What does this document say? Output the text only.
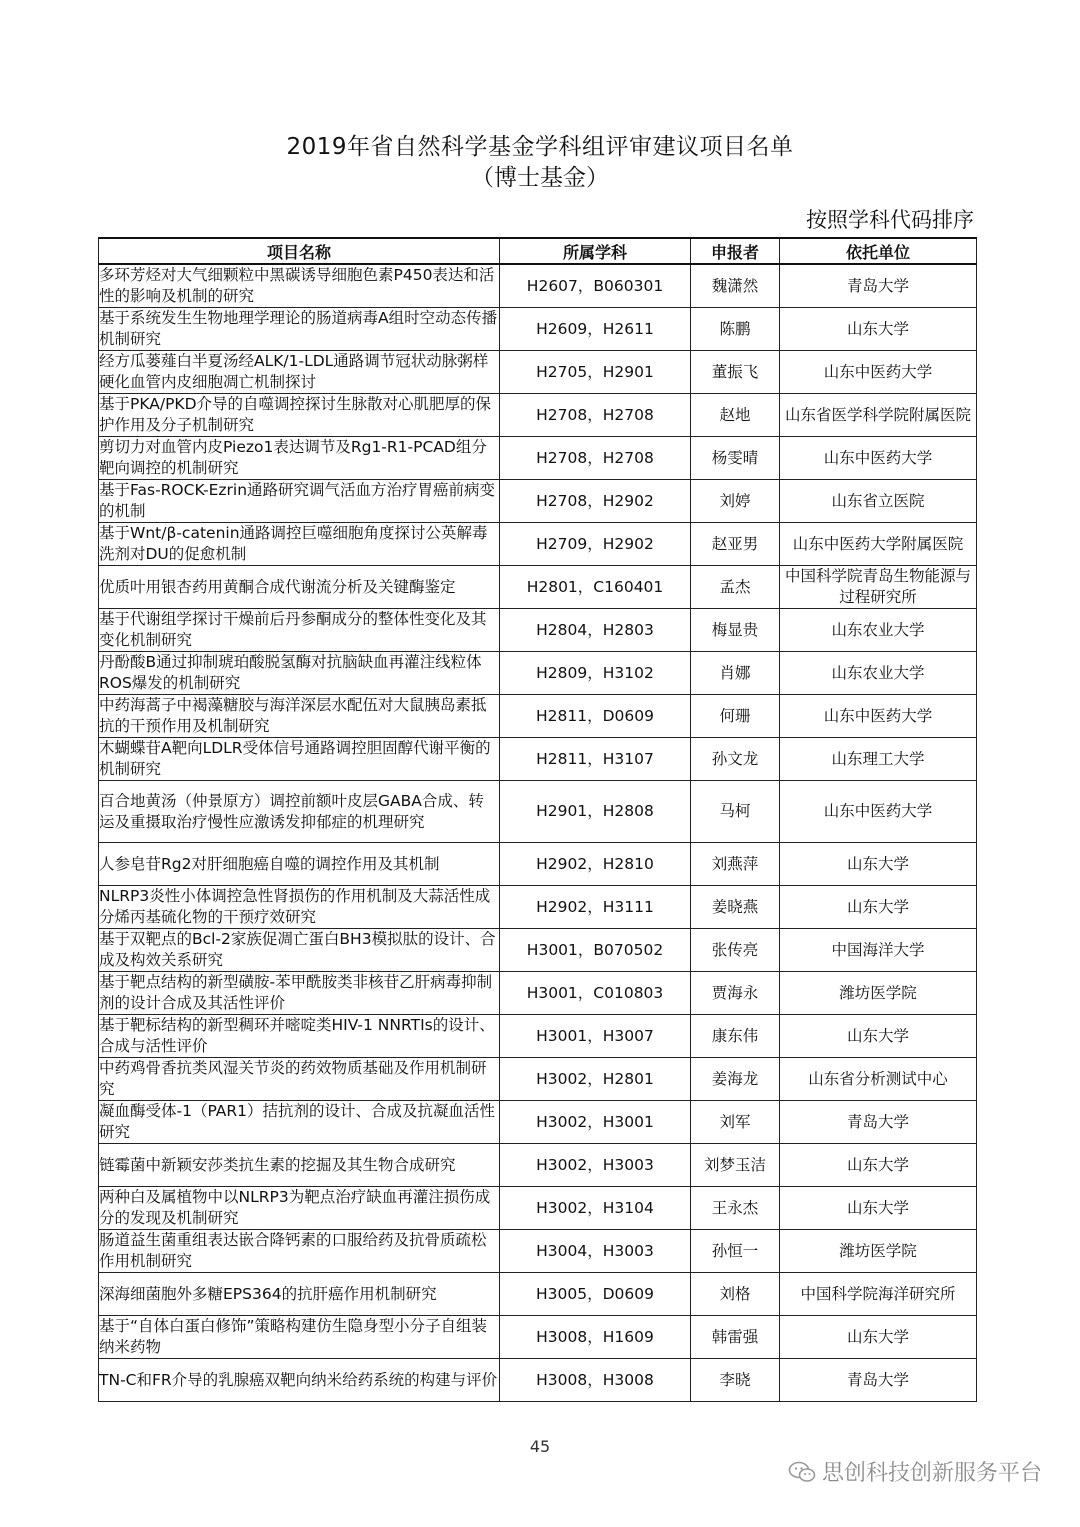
2019年省自然科学基金学科组评审建议项目名单
（博士基金）
按照学科代码排序
项目名称	所属学科	申报者	依托单位
多环芳烃对大气细颗粒中黑碳诱导细胞色素P450表达和活性的影响及机制的研究	H2607，B060301	魏潇然	青岛大学
基于系统发生生物地理学理论的肠道病毒A组时空动态传播机制研究	H2609，H2611	陈鹏	山东大学
经方瓜蒌薤白半夏汤经ALK/1-LDL通路调节冠状动脉粥样硬化血管内皮细胞凋亡机制探讨	H2705，H2901	董振飞	山东中医药大学
基于PKA/PKD介导的自噬调控探讨生脉散对心肌肥厚的保护作用及分子机制研究	H2708，H2708	赵地	山东省医学科学院附属医院
剪切力对血管内皮Piezo1表达调节及Rg1-R1-PCAD组分靶向调控的机制研究	H2708，H2708	杨雯晴	山东中医药大学
基于Fas-ROCK-Ezrin通路研究调气活血方治疗胃癌前病变的机制	H2708，H2902	刘婷	山东省立医院
基于Wnt/β-catenin通路调控巨噬细胞角度探讨公英解毒洗剂对DU的促愈机制	H2709，H2902	赵亚男	山东中医药大学附属医院
优质叶用银杏药用黄酮合成代谢流分析及关键酶鉴定	H2801，C160401	孟杰	中国科学院青岛生物能源与过程研究所
基于代谢组学探讨干燥前后丹参酮成分的整体性变化及其变化机制研究	H2804，H2803	梅显贵	山东农业大学
丹酚酸B通过抑制琥珀酸脱氢酶对抗脑缺血再灌注线粒体ROS爆发的机制研究	H2809，H3102	肖娜	山东农业大学
中药海蒿子中褐藻糖胶与海洋深层水配伍对大鼠胰岛素抵抗的干预作用及机制研究	H2811，D0609	何珊	山东中医药大学
木蝴蝶苷A靶向LDLR受体信号通路调控胆固醇代谢平衡的机制研究	H2811，H3107	孙文龙	山东理工大学
百合地黄汤（仲景原方）调控前额叶皮层GABA合成、转运及重摄取治疗慢性应激诱发抑郁症的机理研究	H2901，H2808	马柯	山东中医药大学
人参皂苷Rg2对肝细胞癌自噬的调控作用及其机制	H2902，H2810	刘燕萍	山东大学
NLRP3炎性小体调控急性肾损伤的作用机制及大蒜活性成分烯丙基硫化物的干预疗效研究	H2902，H3111	姜晓燕	山东大学
基于双靶点的Bcl-2家族促凋亡蛋白BH3模拟肽的设计、合成及构效关系研究	H3001，B070502	张传亮	中国海洋大学
基于靶点结构的新型磺胺-苯甲酰胺类非核苷乙肝病毒抑制剂的设计合成及其活性评价	H3001，C010803	贾海永	潍坊医学院
基于靶标结构的新型稠环并嘧啶类HIV-1 NNRTIs的设计、合成与活性评价	H3001，H3007	康东伟	山东大学
中药鸡骨香抗类风湿关节炎的药效物质基础及作用机制研究	H3002，H2801	姜海龙	山东省分析测试中心
凝血酶受体-1（PAR1）拮抗剂的设计、合成及抗凝血活性研究	H3002，H3001	刘军	青岛大学
链霉菌中新颖安莎类抗生素的挖掘及其生物合成研究	H3002，H3003	刘梦玉洁	山东大学
两种白及属植物中以NLRP3为靶点治疗缺血再灌注损伤成分的发现及机制研究	H3002，H3104	王永杰	山东大学
肠道益生菌重组表达嵌合降钙素的口服给药及抗骨质疏松作用机制研究	H3004，H3003	孙恒一	潍坊医学院
深海细菌胞外多糖EPS364的抗肝癌作用机制研究	H3005，D0609	刘格	中国科学院海洋研究所
基于“自体白蛋白修饰”策略构建仿生隐身型小分子自组装纳米药物	H3008，H1609	韩雷强	山东大学
TN-C和FR介导的乳腺癌双靶向纳米给药系统的构建与评价	H3008，H3008	李晓	青岛大学
45
思创科技创新服务平台
